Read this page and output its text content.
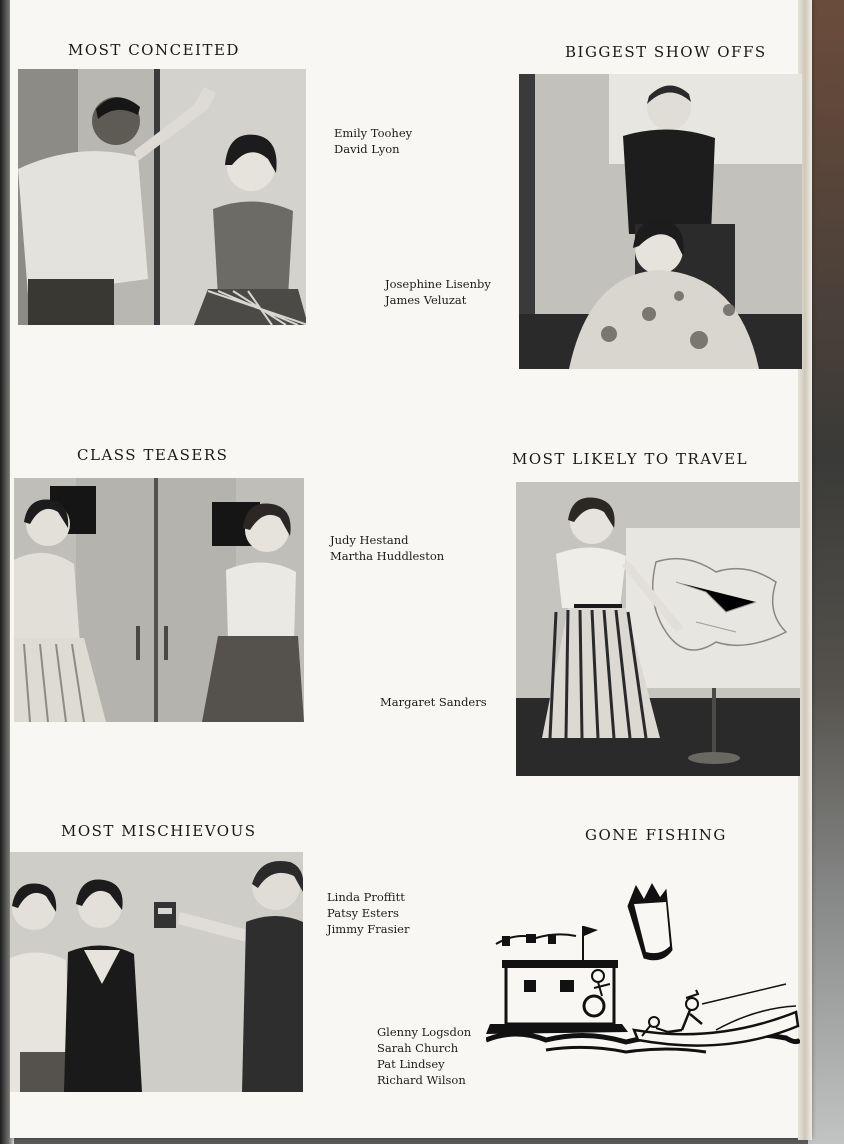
MOST CONCEITED	BIGGEST SHOW OFFS
CLASS TEASERS	MOST LIKELY TO TRAVEL
MOST MISCHIEVOUS	GONE FISHING
Emily Toohey
David Lyon
Josephine Lisenby
James Veluzat
Judy Hestand
Martha Huddleston
Margaret Sanders
Linda Proffitt
Patsy Esters
Jimmy Frasier
Glenny Logsdon
Sarah Church
Pat Lindsey
Richard Wilson
